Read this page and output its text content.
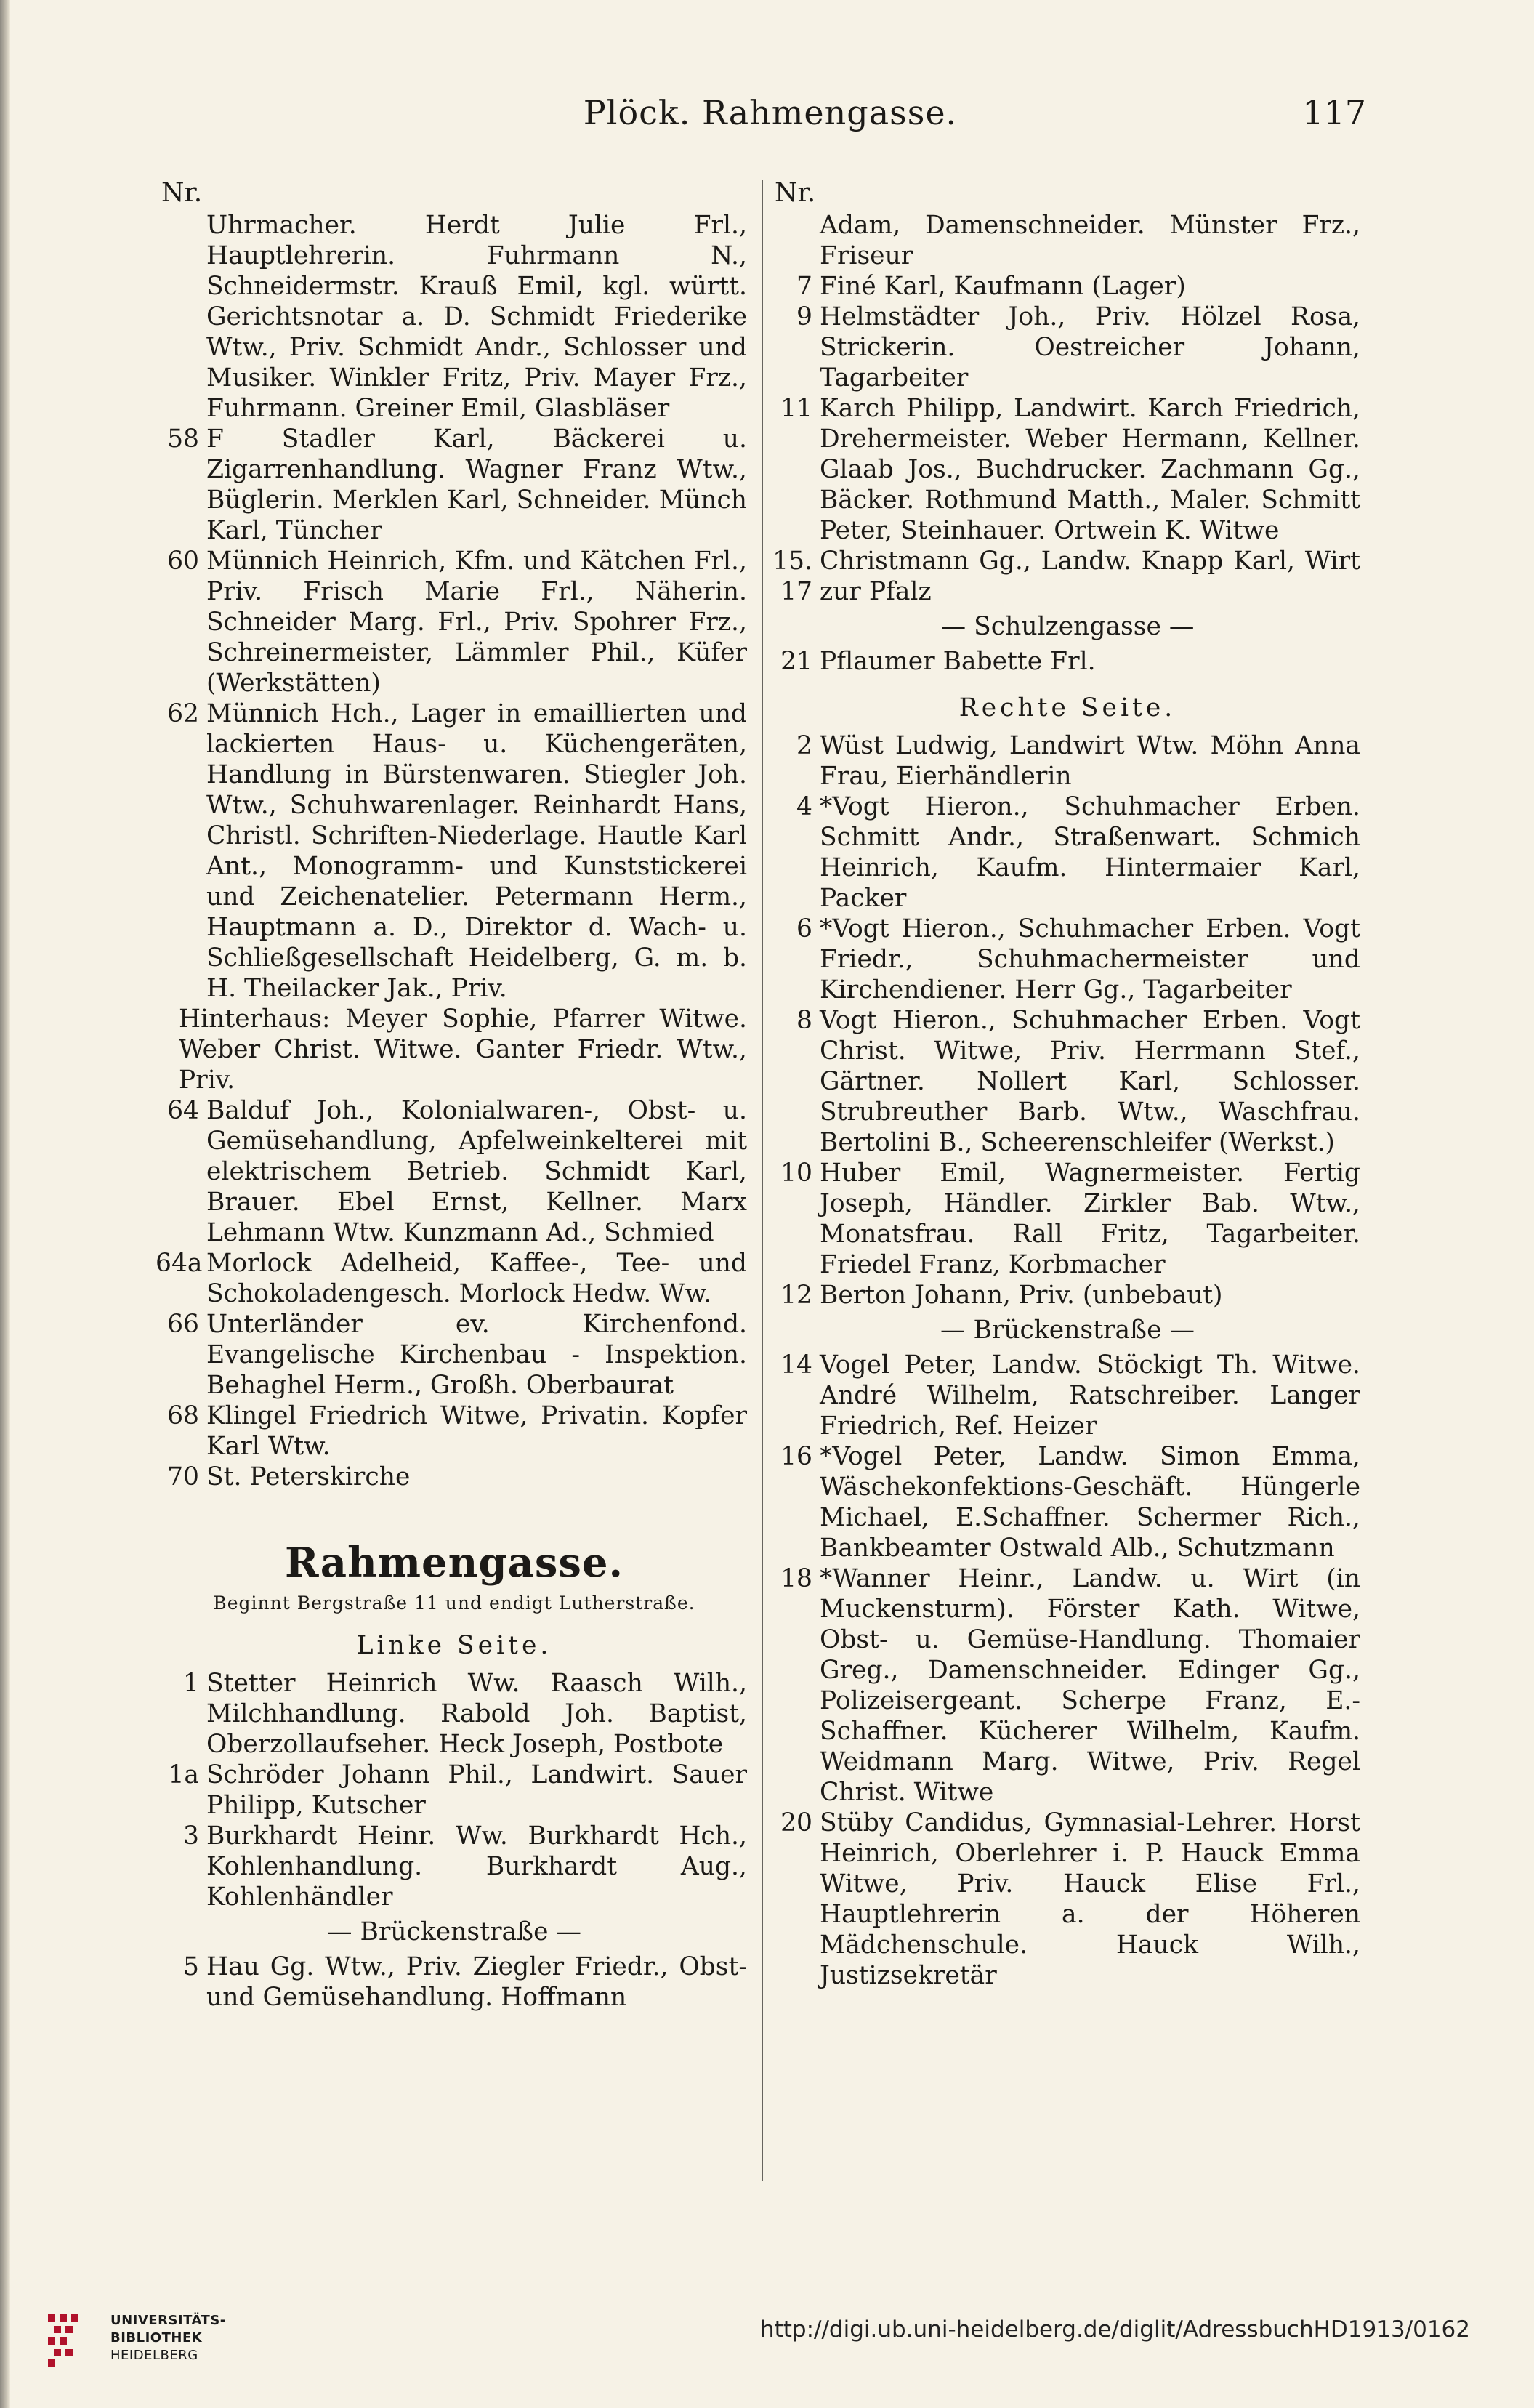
Plöck. Rahmengasse.	117
Nr.
Uhrmacher. Herdt Julie Frl., Hauptlehrerin. Fuhrmann N., Schneidermstr. Krauß Emil, kgl. württ. Gerichtsnotar a. D. Schmidt Friederike Wtw., Priv. Schmidt Andr., Schlosser und Musiker. Winkler Fritz, Priv. Mayer Frz., Fuhrmann. Greiner Emil, Glasbläser
58 F Stadler Karl, Bäckerei u. Zigarrenhandlung. Wagner Franz Wtw., Büglerin. Merklen Karl, Schneider. Münch Karl, Tüncher
60 Münnich Heinrich, Kfm. und Kätchen Frl., Priv. Frisch Marie Frl., Näherin. Schneider Marg. Frl., Priv. Spohrer Frz., Schreinermeister, Lämmler Phil., Küfer (Werkstätten)
62 Münnich Hch., Lager in emaillierten und lackierten Haus- u. Küchengeräten, Handlung in Bürstenwaren. Stiegler Joh. Wtw., Schuhwarenlager. Reinhardt Hans, Christl. Schriften-Niederlage. Hautle Karl Ant., Monogramm- und Kunststickerei und Zeichenatelier. Petermann Herm., Hauptmann a. D., Direktor d. Wach- u. Schließgesellschaft Heidelberg, G. m. b. H. Theilacker Jak., Priv.
Hinterhaus: Meyer Sophie, Pfarrer Witwe. Weber Christ. Witwe. Ganter Friedr. Wtw., Priv.
64 Balduf Joh., Kolonialwaren-, Obst- u. Gemüsehandlung, Apfelweinkelterei mit elektrischem Betrieb. Schmidt Karl, Brauer. Ebel Ernst, Kellner. Marx Lehmann Wtw. Kunzmann Ad., Schmied
64a Morlock Adelheid, Kaffee-, Tee- und Schokoladengesch. Morlock Hedw. Ww.
66 Unterländer ev. Kirchenfond. Evangelische Kirchenbau - Inspektion. Behaghel Herm., Großh. Oberbaurat
68 Klingel Friedrich Witwe, Privatin. Kopfer Karl Wtw.
70 St. Peterskirche
Rahmengasse.
Beginnt Bergstraße 11 und endigt Lutherstraße.
Linke Seite.
1 Stetter Heinrich Ww. Raasch Wilh., Milchhandlung. Rabold Joh. Baptist, Oberzollaufseher. Heck Joseph, Postbote
1a Schröder Johann Phil., Landwirt. Sauer Philipp, Kutscher
3 Burkhardt Heinr. Ww. Burkhardt Hch., Kohlenhandlung. Burkhardt Aug., Kohlenhändler
— Brückenstraße —
5 Hau Gg. Wtw., Priv. Ziegler Friedr., Obst- und Gemüsehandlung. Hoffmann
Nr.
Adam, Damenschneider. Münster Frz., Friseur
7 Finé Karl, Kaufmann (Lager)
9 Helmstädter Joh., Priv. Hölzel Rosa, Strickerin. Oestreicher Johann, Tagarbeiter
11 Karch Philipp, Landwirt. Karch Friedrich, Drehermeister. Weber Hermann, Kellner. Glaab Jos., Buchdrucker. Zachmann Gg., Bäcker. Rothmund Matth., Maler. Schmitt Peter, Steinhauer. Ortwein K. Witwe
15. 17
Christmann Gg., Landw. Knapp Karl, Wirt zur Pfalz
— Schulzengasse —
21 Pflaumer Babette Frl.
Rechte Seite.
2 Wüst Ludwig, Landwirt Wtw. Möhn Anna Frau, Eierhändlerin
4 *Vogt Hieron., Schuhmacher Erben. Schmitt Andr., Straßenwart. Schmich Heinrich, Kaufm. Hintermaier Karl, Packer
6 *Vogt Hieron., Schuhmacher Erben. Vogt Friedr., Schuhmachermeister und Kirchendiener. Herr Gg., Tagarbeiter
8 Vogt Hieron., Schuhmacher Erben. Vogt Christ. Witwe, Priv. Herrmann Stef., Gärtner. Nollert Karl, Schlosser. Strubreuther Barb. Wtw., Waschfrau. Bertolini B., Scheerenschleifer (Werkst.)
10 Huber Emil, Wagnermeister. Fertig Joseph, Händler. Zirkler Bab. Wtw., Monatsfrau. Rall Fritz, Tagarbeiter. Friedel Franz, Korbmacher
12 Berton Johann, Priv. (unbebaut)
— Brückenstraße —
14 Vogel Peter, Landw. Stöckigt Th. Witwe. André Wilhelm, Ratschreiber. Langer Friedrich, Ref. Heizer
16 *Vogel Peter, Landw. Simon Emma, Wäschekonfektions-Geschäft. Hüngerle Michael, E.Schaffner. Schermer Rich., Bankbeamter Ostwald Alb., Schutzmann
18 *Wanner Heinr., Landw. u. Wirt (in Muckensturm). Förster Kath. Witwe, Obst- u. Gemüse-Handlung. Thomaier Greg., Damenschneider. Edinger Gg., Polizeisergeant. Scherpe Franz, E.-Schaffner. Kücherer Wilhelm, Kaufm. Weidmann Marg. Witwe, Priv. Regel Christ. Witwe
20 Stüby Candidus, Gymnasial-Lehrer. Horst Heinrich, Oberlehrer i. P. Hauck Emma Witwe, Priv. Hauck Elise Frl., Hauptlehrerin a. der Höheren Mädchenschule. Hauck Wilh., Justizsekretär
UNIVERSITÄTS-
BIBLIOTHEK
HEIDELBERG
http://digi.ub.uni-heidelberg.de/diglit/AdressbuchHD1913/0162
